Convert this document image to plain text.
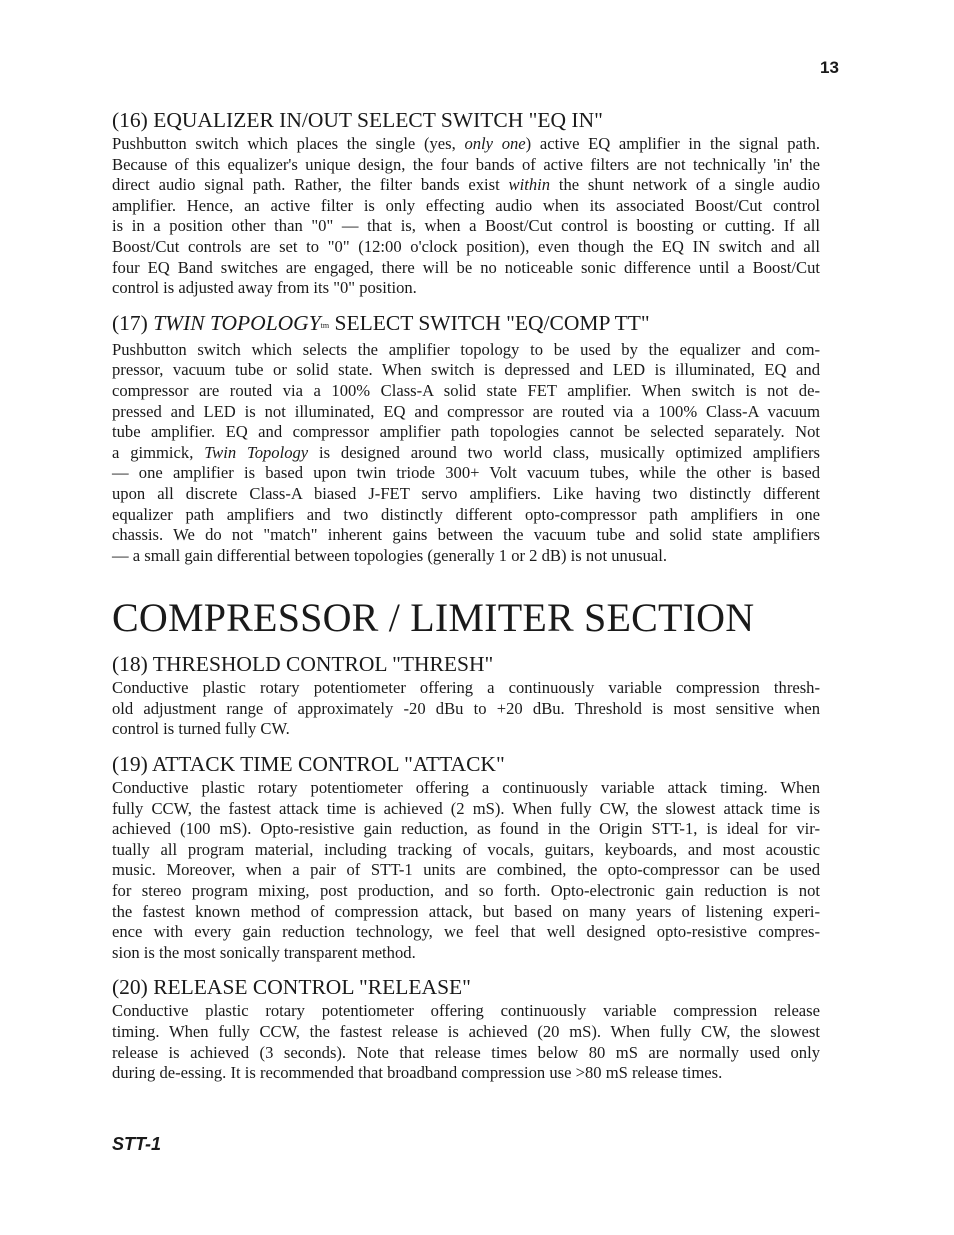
13
(16) EQUALIZER IN/OUT SELECT SWITCH "EQ IN"
Pushbutton switch which places the single (yes, only one) active EQ amplifier in the signal path.
Because of this equalizer's unique design, the four bands of active filters are not technically 'in' the
direct audio signal path. Rather, the filter bands exist within the shunt network of a single audio
amplifier. Hence, an active filter is only effecting audio when its associated Boost/Cut control
is in a position other than "0" — that is, when a Boost/Cut control is boosting or cutting. If all
Boost/Cut controls are set to "0" (12:00 o'clock position), even though the EQ IN switch and all
four EQ Band switches are engaged, there will be no noticeable sonic difference until a Boost/Cut
control is adjusted away from its "0" position.
(17) TWIN $TOPOLOGY^{tm}$ SELECT SWITCH "EQ/COMP TT"
Pushbutton switch which selects the amplifier topology to be used by the equalizer and com-
pressor, vacuum tube or solid state. When switch is depressed and LED is illuminated, EQ and
compressor are routed via a 100% Class-A solid state FET amplifier. When switch is not de-
pressed and LED is not illuminated, EQ and compressor are routed via a 100% Class-A vacuum
tube amplifier. EQ and compressor amplifier path topologies cannot be selected separately. Not
a gimmick, Twin Topology is designed around two world class, musically optimized amplifiers
— one amplifier is based upon twin triode 300+ Volt vacuum tubes, while the other is based
upon all discrete Class-A biased J-FET servo amplifiers. Like having two distinctly different
equalizer path amplifiers and two distinctly different opto-compressor path amplifiers in one
chassis. We do not "match" inherent gains between the vacuum tube and solid state amplifiers
— a small gain differential between topologies (generally 1 or 2 dB) is not unusual.
COMPRESSOR / LIMITER SECTION
(18) THRESHOLD CONTROL "THRESH"
Conductive plastic rotary potentiometer offering a continuously variable compression thresh-
old adjustment range of approximately -20 dBu to +20 dBu. Threshold is most sensitive when
control is turned fully CW.
(19) ATTACK TIME CONTROL "ATTACK"
Conductive plastic rotary potentiometer offering a continuously variable attack timing. When
fully CCW, the fastest attack time is achieved (2 mS). When fully CW, the slowest attack time is
achieved (100 mS). Opto-resistive gain reduction, as found in the Origin STT-1, is ideal for vir-
tually all program material, including tracking of vocals, guitars, keyboards, and most acoustic
music. Moreover, when a pair of STT-1 units are combined, the opto-compressor can be used
for stereo program mixing, post production, and so forth. Opto-electronic gain reduction is not
the fastest known method of compression attack, but based on many years of listening experi-
ence with every gain reduction technology, we feel that well designed opto-resistive compres-
sion is the most sonically transparent method.
(20) RELEASE CONTROL "RELEASE"
Conductive plastic rotary potentiometer offering continuously variable compression release
timing. When fully CCW, the fastest release is achieved (20 mS). When fully CW, the slowest
release is achieved (3 seconds). Note that release times below 80 mS are normally used only
during de-essing. It is recommended that broadband compression use >80 mS release times.
STT-1
